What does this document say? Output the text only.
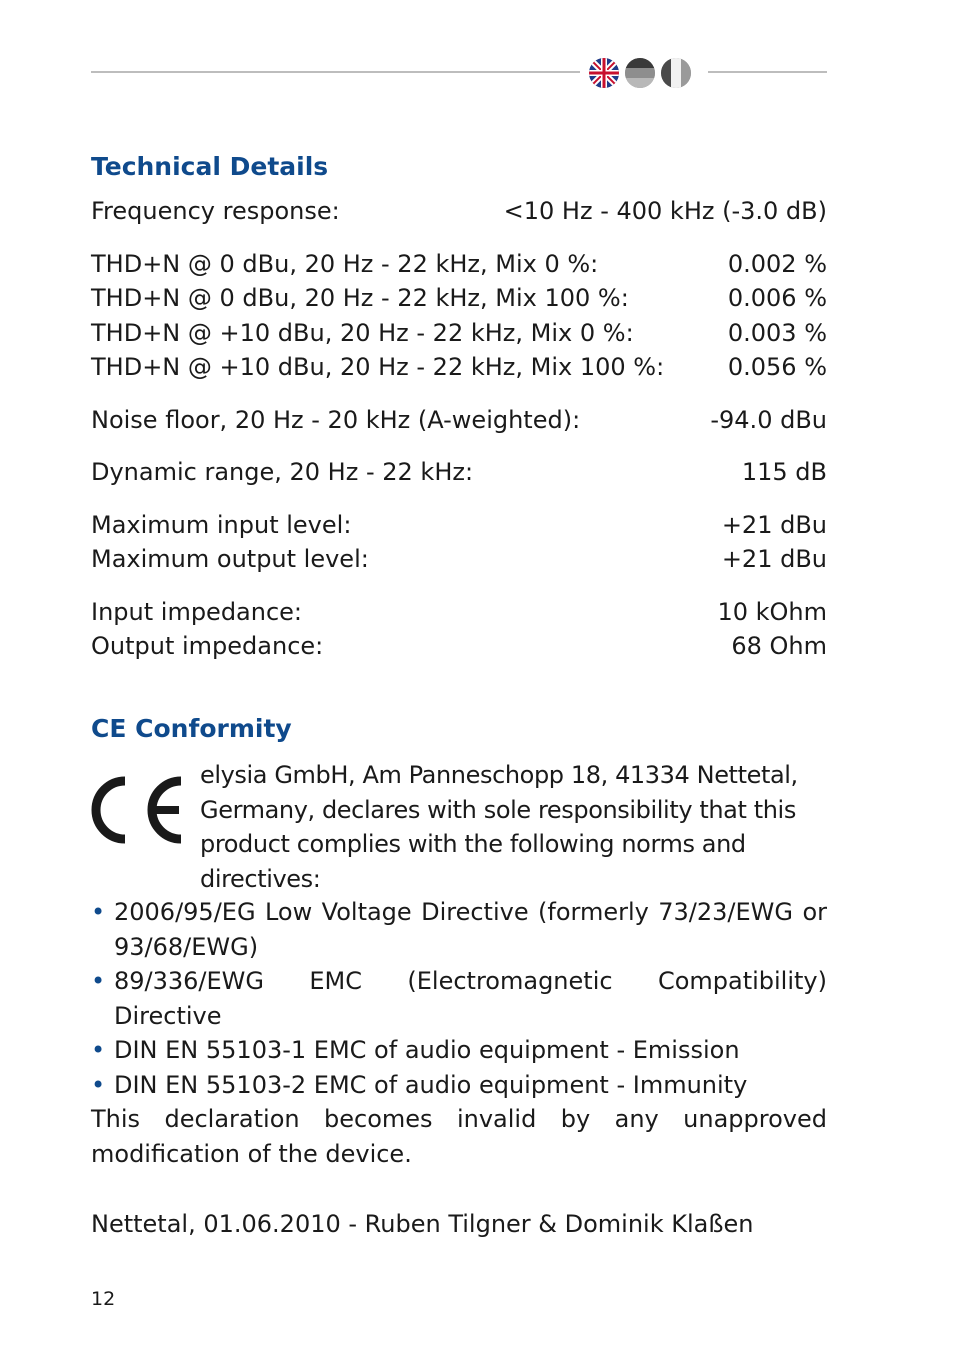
Technical Details
Frequency response:	<10 Hz - 400 kHz (-3.0 dB)
THD+N @ 0 dBu, 20 Hz - 22 kHz, Mix 0 %:	0.002 %
THD+N @ 0 dBu, 20 Hz - 22 kHz, Mix 100 %:	0.006 %
THD+N @ +10 dBu, 20 Hz - 22 kHz, Mix 0 %:	0.003 %
THD+N @ +10 dBu, 20 Hz - 22 kHz, Mix 100 %:	0.056 %
Noise floor, 20 Hz - 20 kHz (A-weighted):	-94.0 dBu
Dynamic range, 20 Hz - 22 kHz:	115 dB
Maximum input level:	+21 dBu
Maximum output level:	+21 dBu
Input impedance:	10 kOhm
Output impedance:	68 Ohm
CE Conformity
elysia GmbH, Am Panneschopp 18, 41334 Nettetal, Germany, declares with sole responsibility that this product complies with the following norms and directives:
• 2006/95/EG Low Voltage Directive (formerly 73/23/EWG or 93/68/EWG)
• 89/336/EWG EMC (Electromagnetic Compatibility) Directive
• DIN EN 55103-1 EMC of audio equipment - Emission
• DIN EN 55103-2 EMC of audio equipment - Immunity
This declaration becomes invalid by any unapproved modification of the device.
Nettetal, 01.06.2010 - Ruben Tilgner & Dominik Klaßen
12
